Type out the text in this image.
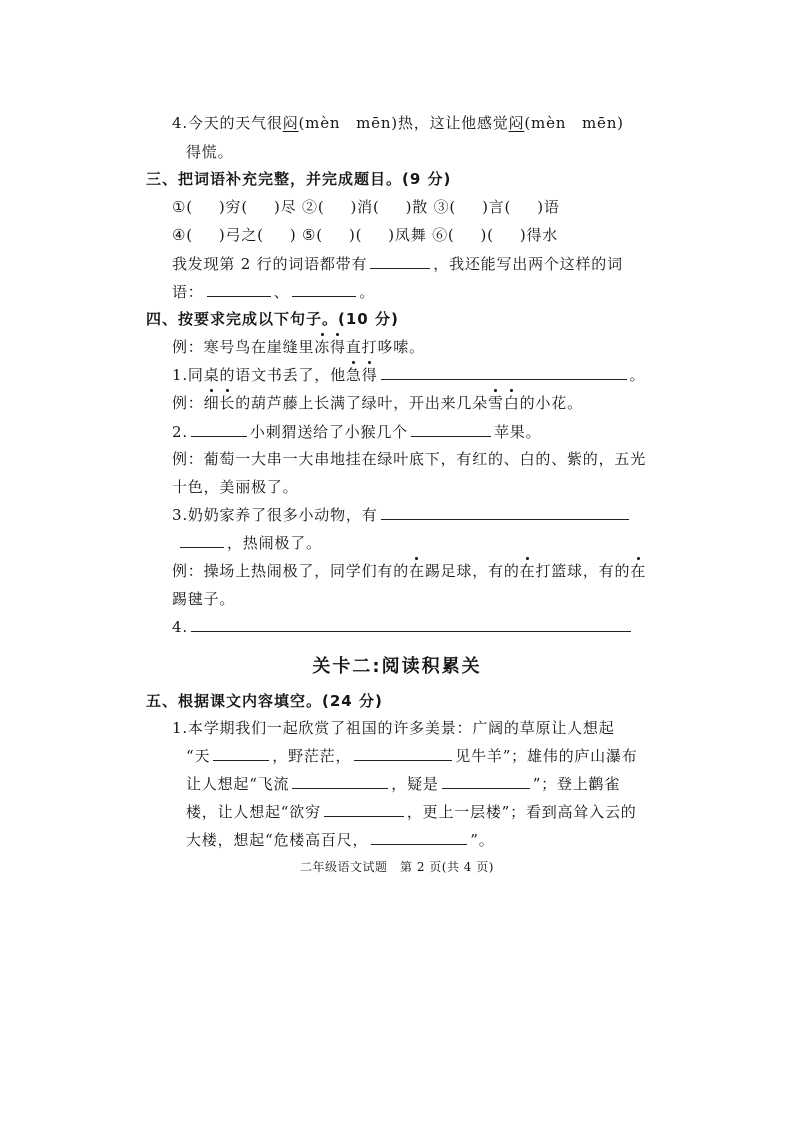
4.今天的天气很闷(mèn　mēn)热，这让他感觉闷(mèn　mēn)
得慌。
三、把词语补充完整，并完成题目。(9 分)
①( )穷( )尽 ②( )消( )散 ③( )言( )语
④( )弓之( ) ⑤( )( )凤舞 ⑥( )( )得水
我发现第 2 行的词语都带有	，我还能写出两个这样的词
语：	、	。
四、按要求完成以下句子。(10 分)
例：寒号鸟在崖缝里冻得直打哆嗦。
1.同桌的语文书丢了，他急得	。
例：细长的葫芦藤上长满了绿叶，开出来几朵雪白的小花。
2.	小刺猬送给了小猴几个	苹果。
例：葡萄一大串一大串地挂在绿叶底下，有红的、白的、紫的，五光
十色，美丽极了。
3.奶奶家养了很多小动物，有
，热闹极了。
例：操场上热闹极了，同学们有的在踢足球，有的在打篮球，有的在
踢毽子。
4.
关卡二:阅读积累关
五、根据课文内容填空。(24 分)
1.本学期我们一起欣赏了祖国的许多美景：广阔的草原让人想起
“天	，野茫茫，	见牛羊”；雄伟的庐山瀑布
让人想起“飞流	，疑是	”；登上鹳雀
楼，让人想起“欲穷	，更上一层楼”；看到高耸入云的
大楼，想起“危楼高百尺，	”。
二年级语文试题　第 2 页(共 4 页)
